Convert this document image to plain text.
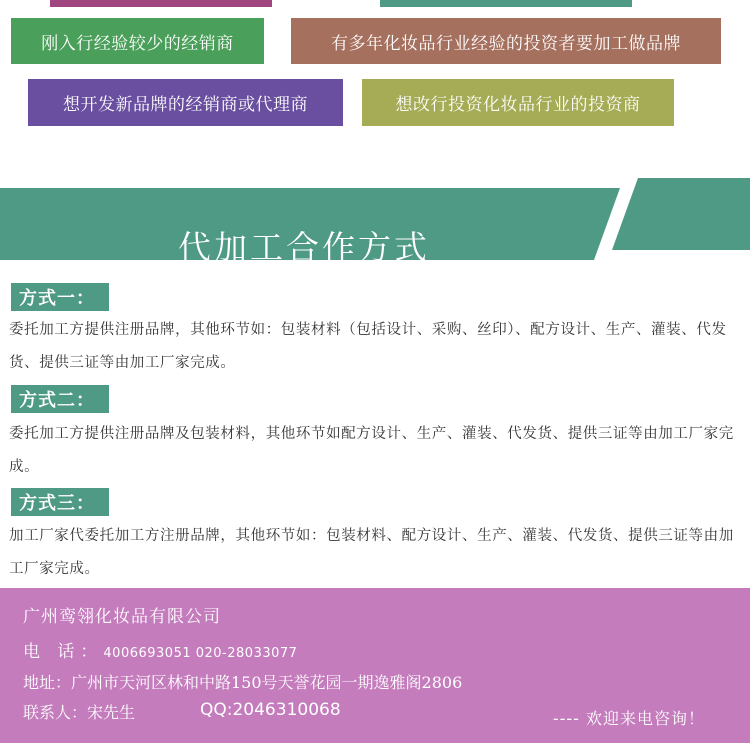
刚入行经验较少的经销商	有多年化妆品行业经验的投资者要加工做品牌
想开发新品牌的经销商或代理商	想改行投资化妆品行业的投资商
代加工合作方式
方式一：
委托加工方提供注册品牌，其他环节如：包装材料（包括设计、采购、丝印）、配方设计、生产、灌装、代发货、提供三证等由加工厂家完成。
方式二：
委托加工方提供注册品牌及包装材料，其他环节如配方设计、生产、灌装、代发货、提供三证等由加工厂家完成。
方式三：
加工厂家代委托加工方注册品牌，其他环节如：包装材料、配方设计、生产、灌装、代发货、提供三证等由加工厂家完成。
广州鸾翎化妆品有限公司
电 话：4006693051 020-28033077
地址：广州市天河区林和中路150号天誉花园一期逸雅阁2806
联系人：宋先生	QQ:2046310068	---- 欢迎来电咨询！
